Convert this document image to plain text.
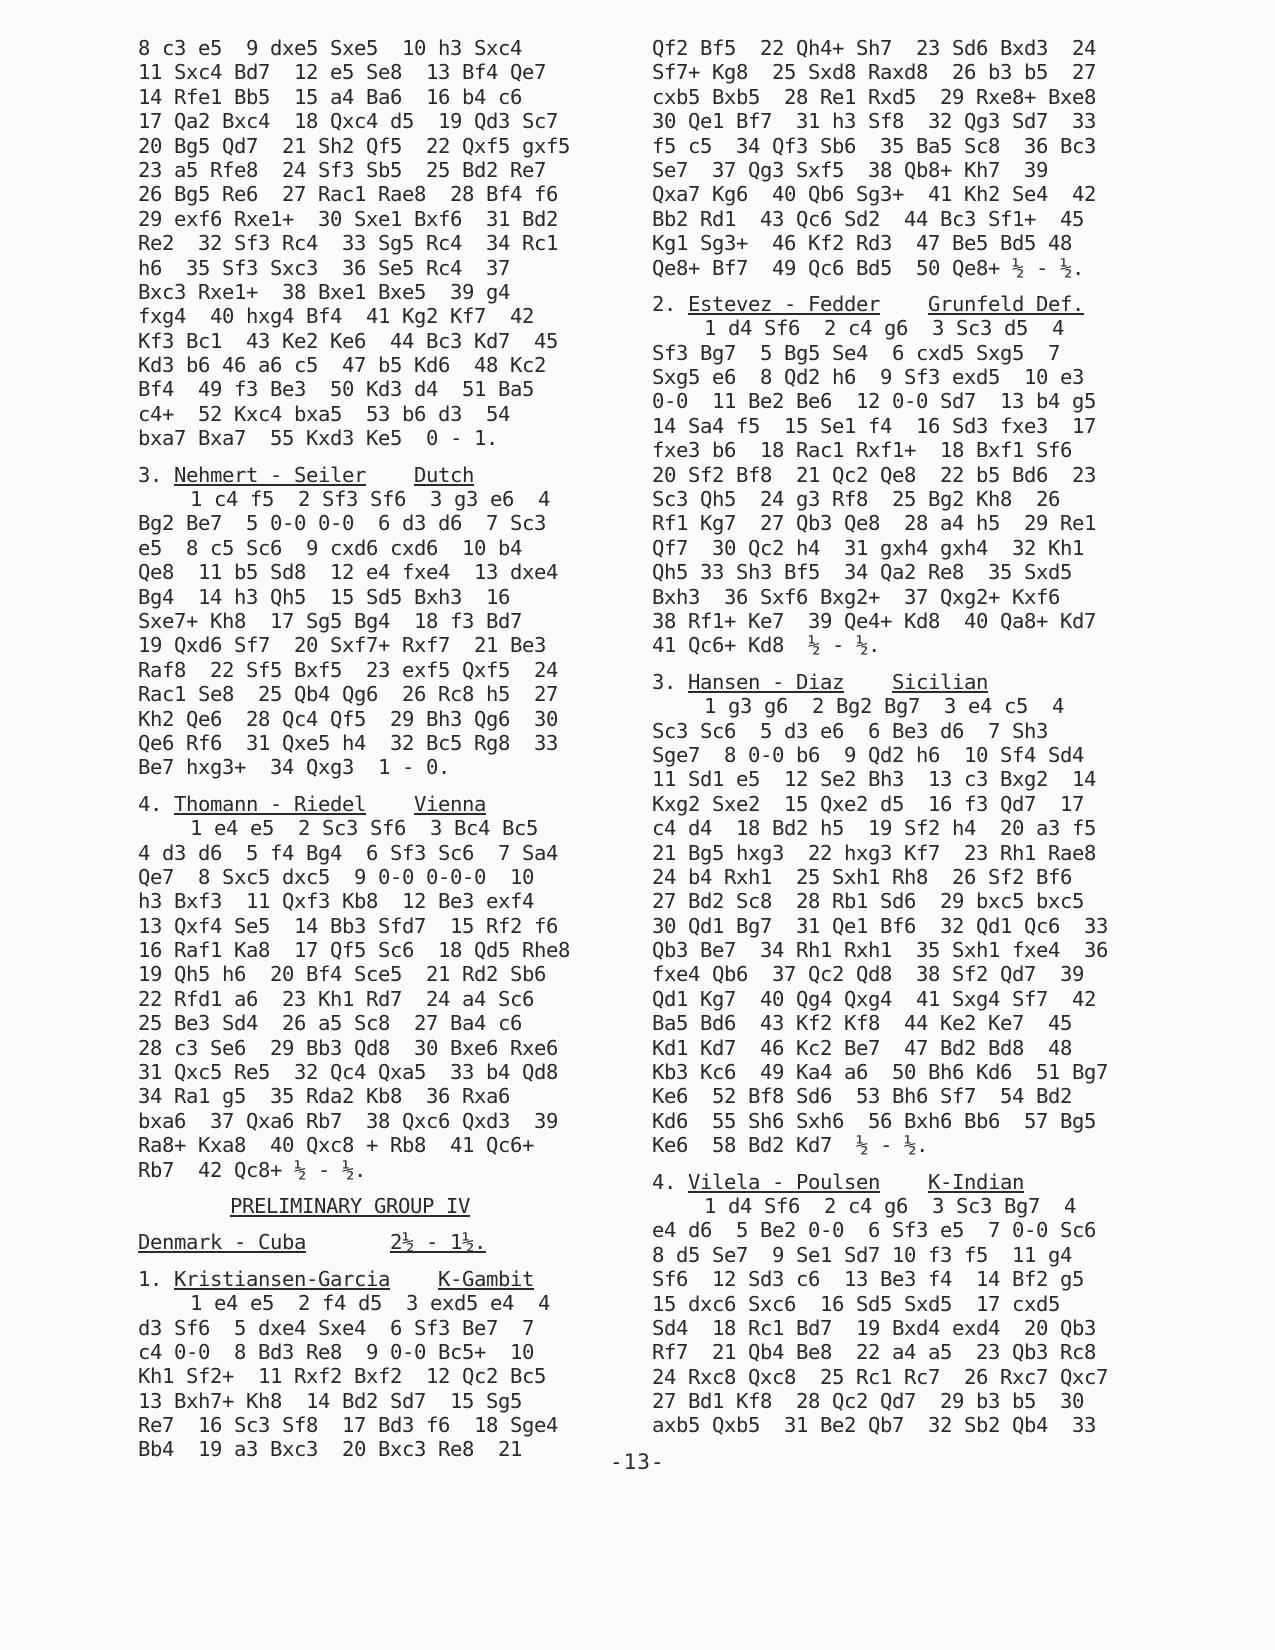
8 c3 e5  9 dxe5 Sxe5  10 h3 Sxc4
11 Sxc4 Bd7  12 e5 Se8  13 Bf4 Qe7
14 Rfe1 Bb5  15 a4 Ba6  16 b4 c6
17 Qa2 Bxc4  18 Qxc4 d5  19 Qd3 Sc7
20 Bg5 Qd7  21 Sh2 Qf5  22 Qxf5 gxf5
23 a5 Rfe8  24 Sf3 Sb5  25 Bd2 Re7
26 Bg5 Re6  27 Rac1 Rae8  28 Bf4 f6
29 exf6 Rxe1+  30 Sxe1 Bxf6  31 Bd2
Re2  32 Sf3 Rc4  33 Sg5 Rc4  34 Rc1
h6  35 Sf3 Sxc3  36 Se5 Rc4  37
Bxc3 Rxe1+  38 Bxe1 Bxe5  39 g4
fxg4  40 hxg4 Bf4  41 Kg2 Kf7  42
Kf3 Bc1  43 Ke2 Ke6  44 Bc3 Kd7  45
Kd3 b6 46 a6 c5  47 b5 Kd6  48 Kc2
Bf4  49 f3 Be3  50 Kd3 d4  51 Ba5
c4+  52 Kxc4 bxa5  53 b6 d3  54
bxa7 Bxa7  55 Kxd3 Ke5  0 - 1.
3. Nehmert - Seiler Dutch
1 c4 f5  2 Sf3 Sf6  3 g3 e6  4
Bg2 Be7  5 0-0 0-0  6 d3 d6  7 Sc3
e5  8 c5 Sc6  9 cxd6 cxd6  10 b4
Qe8  11 b5 Sd8  12 e4 fxe4  13 dxe4
Bg4  14 h3 Qh5  15 Sd5 Bxh3  16
Sxe7+ Kh8  17 Sg5 Bg4  18 f3 Bd7
19 Qxd6 Sf7  20 Sxf7+ Rxf7  21 Be3
Raf8  22 Sf5 Bxf5  23 exf5 Qxf5  24
Rac1 Se8  25 Qb4 Qg6  26 Rc8 h5  27
Kh2 Qe6  28 Qc4 Qf5  29 Bh3 Qg6  30
Qe6 Rf6  31 Qxe5 h4  32 Bc5 Rg8  33
Be7 hxg3+  34 Qxg3  1 - 0.
4. Thomann - Riedel Vienna
1 e4 e5  2 Sc3 Sf6  3 Bc4 Bc5
4 d3 d6  5 f4 Bg4  6 Sf3 Sc6  7 Sa4
Qe7  8 Sxc5 dxc5  9 0-0 0-0-0  10
h3 Bxf3  11 Qxf3 Kb8  12 Be3 exf4
13 Qxf4 Se5  14 Bb3 Sfd7  15 Rf2 f6
16 Raf1 Ka8  17 Qf5 Sc6  18 Qd5 Rhe8
19 Qh5 h6  20 Bf4 Sce5  21 Rd2 Sb6
22 Rfd1 a6  23 Kh1 Rd7  24 a4 Sc6
25 Be3 Sd4  26 a5 Sc8  27 Ba4 c6
28 c3 Se6  29 Bb3 Qd8  30 Bxe6 Rxe6
31 Qxc5 Re5  32 Qc4 Qxa5  33 b4 Qd8
34 Ra1 g5  35 Rda2 Kb8  36 Rxa6
bxa6  37 Qxa6 Rb7  38 Qxc6 Qxd3  39
Ra8+ Kxa8  40 Qxc8 + Rb8  41 Qc6+
Rb7  42 Qc8+ ½ - ½.
PRELIMINARY GROUP IV
Denmark - Cuba	2½ - 1½.
1. Kristiansen-Garcia K-Gambit
1 e4 e5  2 f4 d5  3 exd5 e4  4
d3 Sf6  5 dxe4 Sxe4  6 Sf3 Be7  7
c4 0-0  8 Bd3 Re8  9 0-0 Bc5+  10
Kh1 Sf2+  11 Rxf2 Bxf2  12 Qc2 Bc5
13 Bxh7+ Kh8  14 Bd2 Sd7  15 Sg5
Re7  16 Sc3 Sf8  17 Bd3 f6  18 Sge4
Bb4  19 a3 Bxc3  20 Bxc3 Re8  21
Qf2 Bf5  22 Qh4+ Sh7  23 Sd6 Bxd3  24
Sf7+ Kg8  25 Sxd8 Raxd8  26 b3 b5  27
cxb5 Bxb5  28 Re1 Rxd5  29 Rxe8+ Bxe8
30 Qe1 Bf7  31 h3 Sf8  32 Qg3 Sd7  33
f5 c5  34 Qf3 Sb6  35 Ba5 Sc8  36 Bc3
Se7  37 Qg3 Sxf5  38 Qb8+ Kh7  39
Qxa7 Kg6  40 Qb6 Sg3+  41 Kh2 Se4  42
Bb2 Rd1  43 Qc6 Sd2  44 Bc3 Sf1+  45
Kg1 Sg3+  46 Kf2 Rd3  47 Be5 Bd5 48
Qe8+ Bf7  49 Qc6 Bd5  50 Qe8+ ½ - ½.
2. Estevez - Fedder Grunfeld Def.
1 d4 Sf6  2 c4 g6  3 Sc3 d5  4
Sf3 Bg7  5 Bg5 Se4  6 cxd5 Sxg5  7
Sxg5 e6  8 Qd2 h6  9 Sf3 exd5  10 e3
0-0  11 Be2 Be6  12 0-0 Sd7  13 b4 g5
14 Sa4 f5  15 Se1 f4  16 Sd3 fxe3  17
fxe3 b6  18 Rac1 Rxf1+  18 Bxf1 Sf6
20 Sf2 Bf8  21 Qc2 Qe8  22 b5 Bd6  23
Sc3 Qh5  24 g3 Rf8  25 Bg2 Kh8  26
Rf1 Kg7  27 Qb3 Qe8  28 a4 h5  29 Re1
Qf7  30 Qc2 h4  31 gxh4 gxh4  32 Kh1
Qh5 33 Sh3 Bf5  34 Qa2 Re8  35 Sxd5
Bxh3  36 Sxf6 Bxg2+  37 Qxg2+ Kxf6
38 Rf1+ Ke7  39 Qe4+ Kd8  40 Qa8+ Kd7
41 Qc6+ Kd8  ½ - ½.
3. Hansen - Diaz Sicilian
1 g3 g6  2 Bg2 Bg7  3 e4 c5  4
Sc3 Sc6  5 d3 e6  6 Be3 d6  7 Sh3
Sge7  8 0-0 b6  9 Qd2 h6  10 Sf4 Sd4
11 Sd1 e5  12 Se2 Bh3  13 c3 Bxg2  14
Kxg2 Sxe2  15 Qxe2 d5  16 f3 Qd7  17
c4 d4  18 Bd2 h5  19 Sf2 h4  20 a3 f5
21 Bg5 hxg3  22 hxg3 Kf7  23 Rh1 Rae8
24 b4 Rxh1  25 Sxh1 Rh8  26 Sf2 Bf6
27 Bd2 Sc8  28 Rb1 Sd6  29 bxc5 bxc5
30 Qd1 Bg7  31 Qe1 Bf6  32 Qd1 Qc6  33
Qb3 Be7  34 Rh1 Rxh1  35 Sxh1 fxe4  36
fxe4 Qb6  37 Qc2 Qd8  38 Sf2 Qd7  39
Qd1 Kg7  40 Qg4 Qxg4  41 Sxg4 Sf7  42
Ba5 Bd6  43 Kf2 Kf8  44 Ke2 Ke7  45
Kd1 Kd7  46 Kc2 Be7  47 Bd2 Bd8  48
Kb3 Kc6  49 Ka4 a6  50 Bh6 Kd6  51 Bg7
Ke6  52 Bf8 Sd6  53 Bh6 Sf7  54 Bd2
Kd6  55 Sh6 Sxh6  56 Bxh6 Bb6  57 Bg5
Ke6  58 Bd2 Kd7  ½ - ½.
4. Vilela - Poulsen K-Indian
1 d4 Sf6  2 c4 g6  3 Sc3 Bg7  4
e4 d6  5 Be2 0-0  6 Sf3 e5  7 0-0 Sc6
8 d5 Se7  9 Se1 Sd7 10 f3 f5  11 g4
Sf6  12 Sd3 c6  13 Be3 f4  14 Bf2 g5
15 dxc6 Sxc6  16 Sd5 Sxd5  17 cxd5
Sd4  18 Rc1 Bd7  19 Bxd4 exd4  20 Qb3
Rf7  21 Qb4 Be8  22 a4 a5  23 Qb3 Rc8
24 Rxc8 Qxc8  25 Rc1 Rc7  26 Rxc7 Qxc7
27 Bd1 Kf8  28 Qc2 Qd7  29 b3 b5  30
axb5 Qxb5  31 Be2 Qb7  32 Sb2 Qb4  33
-13-
